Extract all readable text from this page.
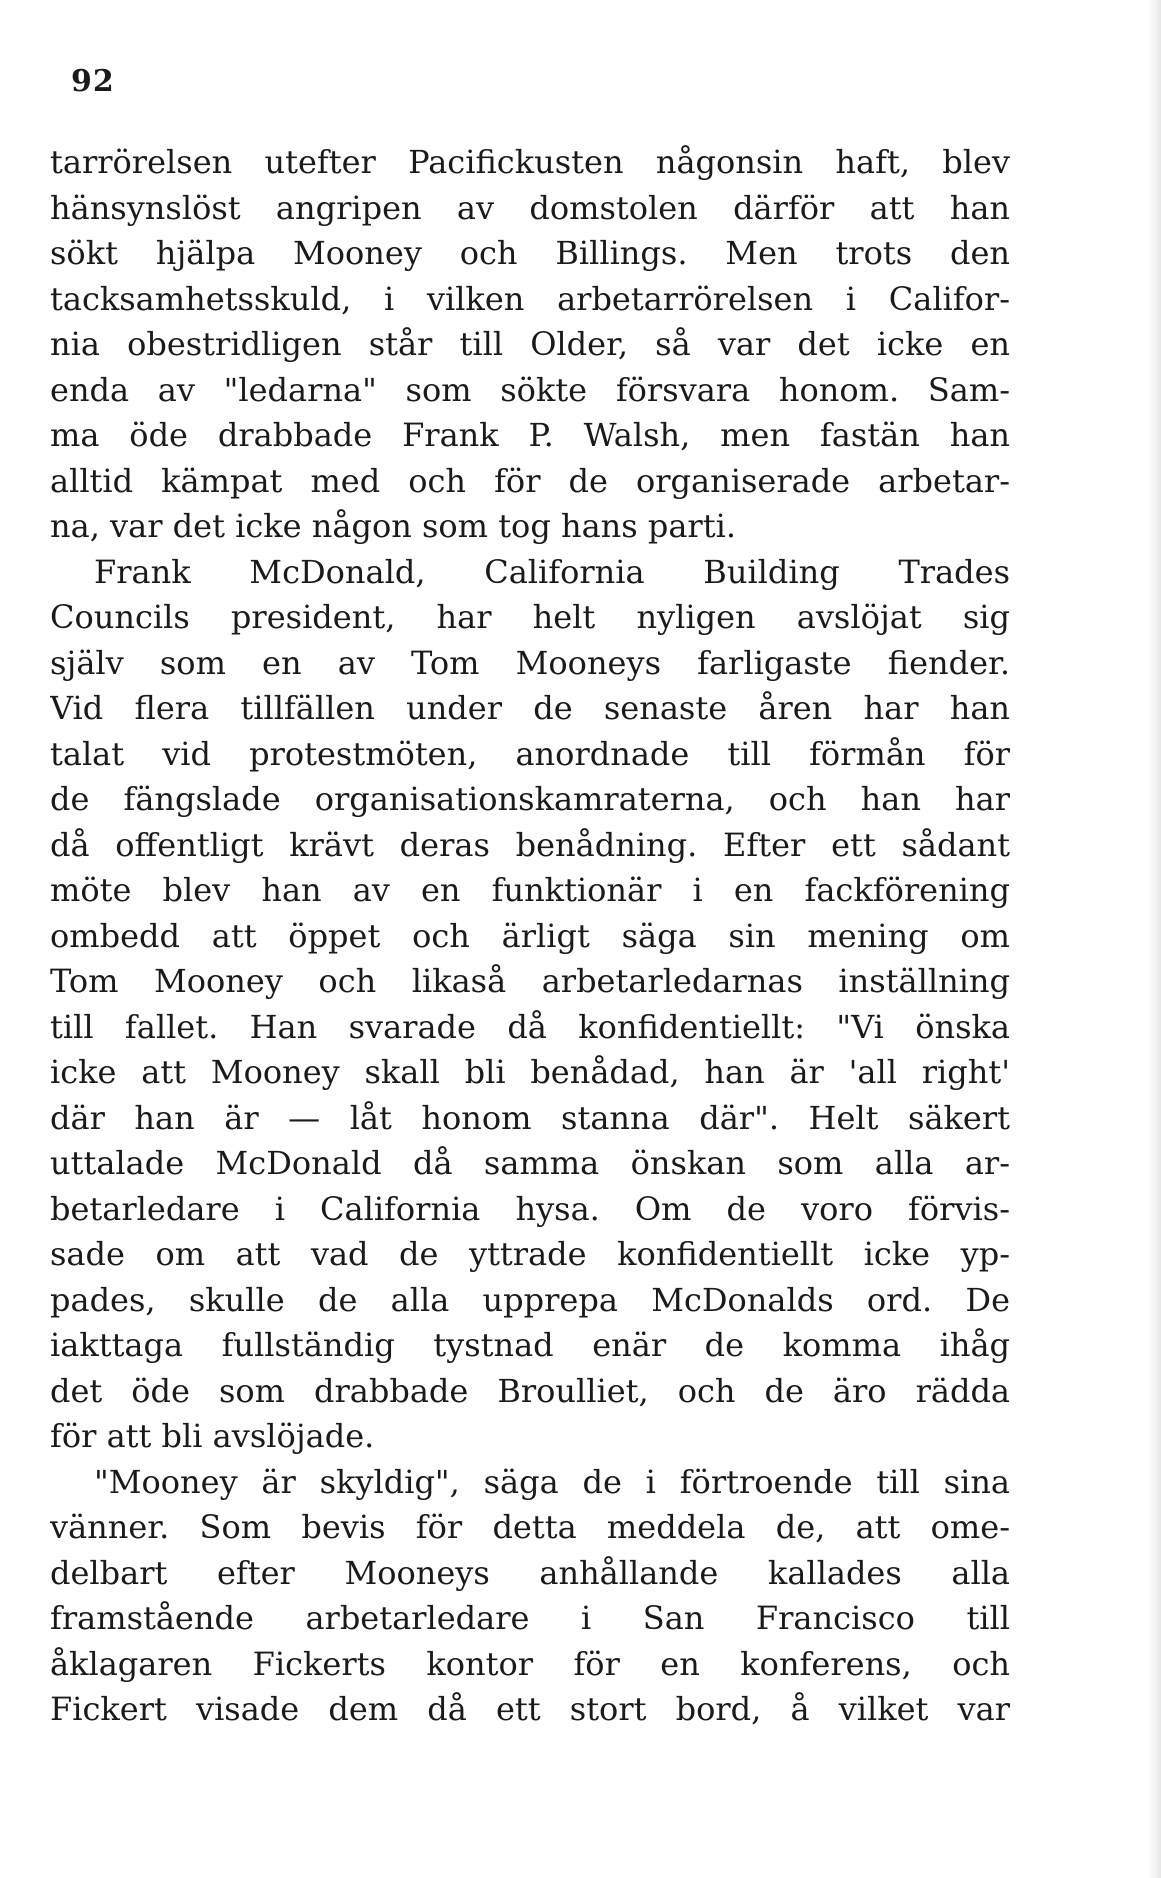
92
tarrörelsen utefter Pacifickusten någonsin haft, blev
hänsynslöst angripen av domstolen därför att han
sökt hjälpa Mooney och Billings. Men trots den
tacksamhetsskuld, i vilken arbetarrörelsen i Califor-
nia obestridligen står till Older, så var det icke en
enda av "ledarna" som sökte försvara honom. Sam-
ma öde drabbade Frank P. Walsh, men fastän han
alltid kämpat med och för de organiserade arbetar-
na, var det icke någon som tog hans parti.
Frank McDonald, California Building Trades
Councils president, har helt nyligen avslöjat sig
själv som en av Tom Mooneys farligaste fiender.
Vid flera tillfällen under de senaste åren har han
talat vid protestmöten, anordnade till förmån för
de fängslade organisationskamraterna, och han har
då offentligt krävt deras benådning. Efter ett sådant
möte blev han av en funktionär i en fackförening
ombedd att öppet och ärligt säga sin mening om
Tom Mooney och likaså arbetarledarnas inställning
till fallet. Han svarade då konfidentiellt: "Vi önska
icke att Mooney skall bli benådad, han är 'all right'
där han är — låt honom stanna där". Helt säkert
uttalade McDonald då samma önskan som alla ar-
betarledare i California hysa. Om de voro förvis-
sade om att vad de yttrade konfidentiellt icke yp-
pades, skulle de alla upprepa McDonalds ord. De
iakttaga fullständig tystnad enär de komma ihåg
det öde som drabbade Broulliet, och de äro rädda
för att bli avslöjade.
"Mooney är skyldig", säga de i förtroende till sina
vänner. Som bevis för detta meddela de, att ome-
delbart efter Mooneys anhållande kallades alla
framstående arbetarledare i San Francisco till
åklagaren Fickerts kontor för en konferens, och
Fickert visade dem då ett stort bord, å vilket var
